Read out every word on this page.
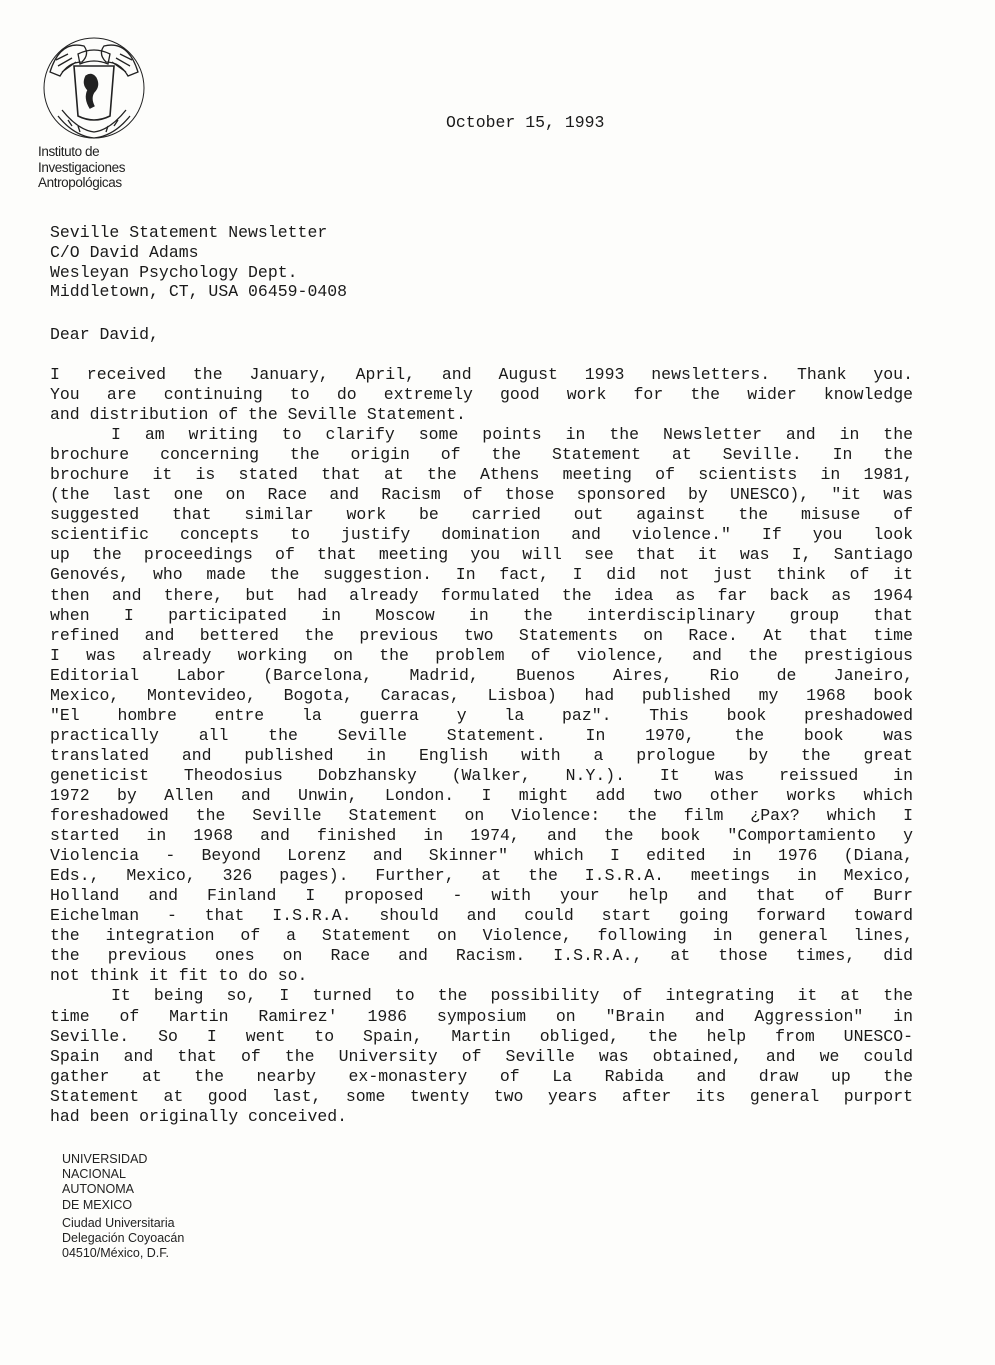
Instituto de
Investigaciones
Antropológicas
October 15, 1993
Seville Statement Newsletter
C/O David Adams
Wesleyan Psychology Dept.
Middletown, CT, USA 06459-0408
Dear David,
I received the January, April, and August 1993 newsletters. Thank you.
You are continuing to do extremely good work for the wider knowledge
and distribution of the Seville Statement.
I am writing to clarify some points in the Newsletter and in the
brochure concerning the origin of the Statement at Seville. In the
brochure it is stated that at the Athens meeting of scientists in 1981,
(the last one on Race and Racism of those sponsored by UNESCO), "it was
suggested that similar work be carried out against the misuse of
scientific concepts to justify domination and violence." If you look
up the proceedings of that meeting you will see that it was I, Santiago
Genovés, who made the suggestion. In fact, I did not just think of it
then and there, but had already formulated the idea as far back as 1964
when I participated in Moscow in the interdisciplinary group that
refined and bettered the previous two Statements on Race. At that time
I was already working on the problem of violence, and the prestigious
Editorial Labor (Barcelona, Madrid, Buenos Aires, Rio de Janeiro,
Mexico, Montevideo, Bogota, Caracas, Lisboa) had published my 1968 book
"El hombre entre la guerra y la paz". This book preshadowed
practically all the Seville Statement. In 1970, the book was
translated and published in English with a prologue by the great
geneticist Theodosius Dobzhansky (Walker, N.Y.). It was reissued in
1972 by Allen and Unwin, London. I might add two other works which
foreshadowed the Seville Statement on Violence: the film ¿Pax? which I
started in 1968 and finished in 1974, and the book "Comportamiento y
Violencia - Beyond Lorenz and Skinner" which I edited in 1976 (Diana,
Eds., Mexico, 326 pages). Further, at the I.S.R.A. meetings in Mexico,
Holland and Finland I proposed - with your help and that of Burr
Eichelman - that I.S.R.A. should and could start going forward toward
the integration of a Statement on Violence, following in general lines,
the previous ones on Race and Racism. I.S.R.A., at those times, did
not think it fit to do so.
It being so, I turned to the possibility of integrating it at the
time of Martin Ramirez' 1986 symposium on "Brain and Aggression" in
Seville. So I went to Spain, Martin obliged, the help from UNESCO-
Spain and that of the University of Seville was obtained, and we could
gather at the nearby ex-monastery of La Rabida and draw up the
Statement at good last, some twenty two years after its general purport
had been originally conceived.
UNIVERSIDAD
NACIONAL
AUTONOMA
DE MEXICO
Ciudad Universitaria
Delegación Coyoacán
04510/México, D.F.
